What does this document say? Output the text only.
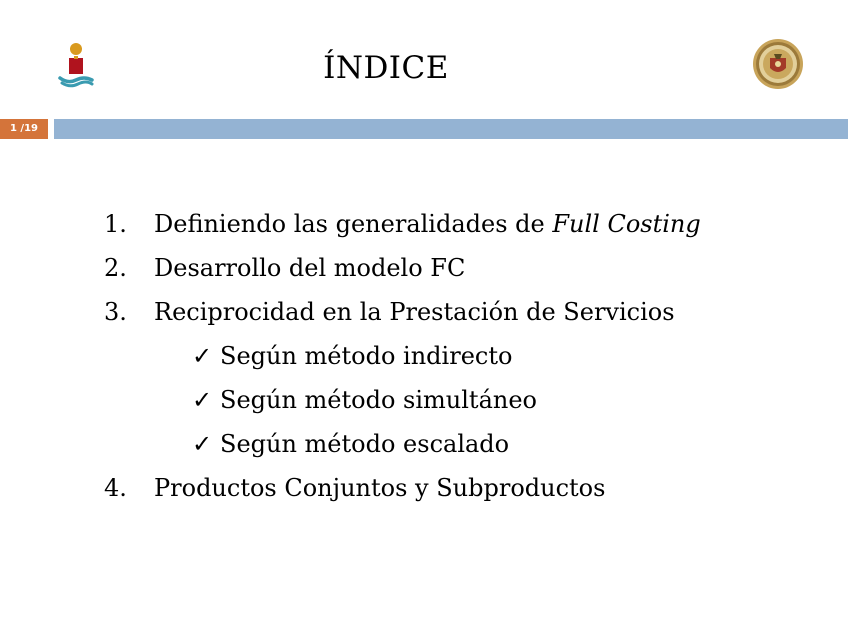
ÍNDICE
1 /19
1.	Definiendo las generalidades de Full Costing
2.	Desarrollo del modelo FC
3.	Reciprocidad en la Prestación de Servicios
✓ Según método indirecto
✓ Según método simultáneo
✓ Según método escalado
4.	Productos Conjuntos y Subproductos
